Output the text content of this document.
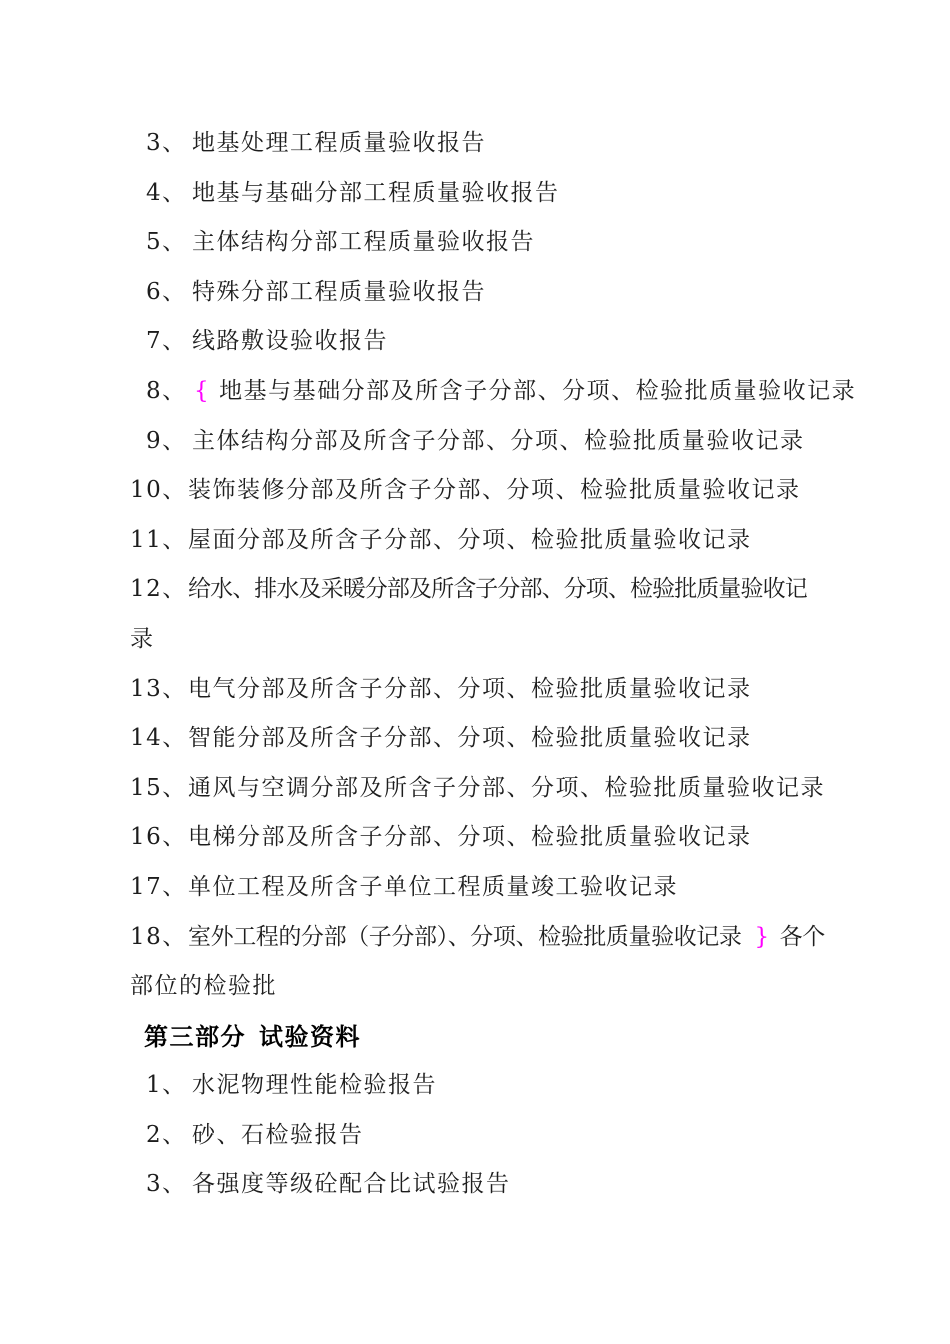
3、 地基处理工程质量验收报告
4、 地基与基础分部工程质量验收报告
5、 主体结构分部工程质量验收报告
6、 特殊分部工程质量验收报告
7、 线路敷设验收报告
8、 { 地基与基础分部及所含子分部、分项、检验批质量验收记录
9、 主体结构分部及所含子分部、分项、检验批质量验收记录
10、装饰装修分部及所含子分部、分项、检验批质量验收记录
11、屋面分部及所含子分部、分项、检验批质量验收记录
12、给水、排水及采暖分部及所含子分部、分项、检验批质量验收记
录
13、电气分部及所含子分部、分项、检验批质量验收记录
14、智能分部及所含子分部、分项、检验批质量验收记录
15、通风与空调分部及所含子分部、分项、检验批质量验收记录
16、电梯分部及所含子分部、分项、检验批质量验收记录
17、单位工程及所含子单位工程质量竣工验收记录
18、室外工程的分部（子分部）、分项、检验批质量验收记录 } 各个
部位的检验批
第三部分 试验资料
1、 水泥物理性能检验报告
2、 砂、石检验报告
3、 各强度等级砼配合比试验报告
